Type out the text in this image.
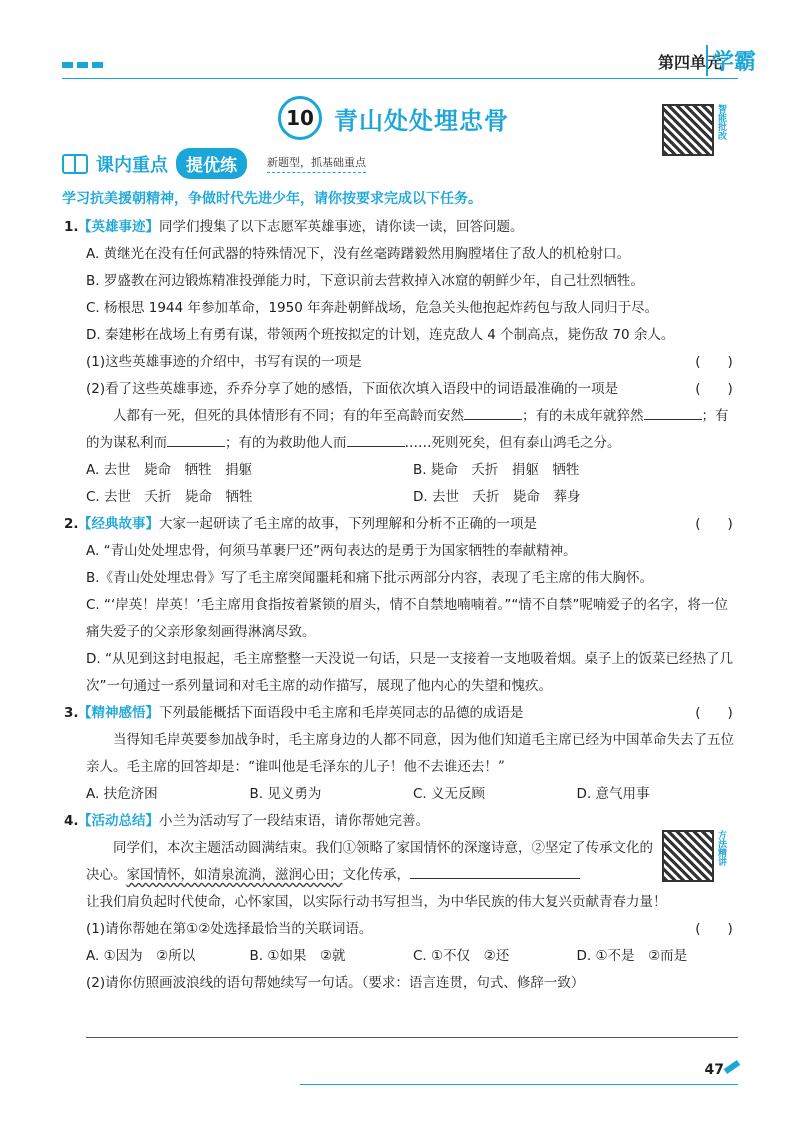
第四单元
学霸
10 青山处处埋忠骨	智能批改
课内重点	提优练	新题型，抓基础重点
学习抗美援朝精神，争做时代先进少年，请你按要求完成以下任务。
1. 【英雄事迹】 同学们搜集了以下志愿军英雄事迹，请你读一读，回答问题。
A. 黄继光在没有任何武器的特殊情况下，没有丝毫踌躇毅然用胸膛堵住了敌人的机枪射口。
B. 罗盛教在河边锻炼精准投弹能力时，下意识前去营救掉入冰窟的朝鲜少年，自己壮烈牺牲。
C. 杨根思 1944 年参加革命，1950 年奔赴朝鲜战场，危急关头他抱起炸药包与敌人同归于尽。
D. 秦建彬在战场上有勇有谋，带领两个班按拟定的计划，连克敌人 4 个制高点，毙伤敌 70 余人。
(1)这些英雄事迹的介绍中，书写有误的一项是	(　　)
(2)看了这些英雄事迹，乔乔分享了她的感悟，下面依次填入语段中的词语最准确的一项是	(　　)
人都有一死，但死的具体情形有不同；有的年至高龄而安然	；有的未成年就猝然	；有的为谋私利而	；有的为救助他人而	……死则死矣，但有泰山鸿毛之分。
A. 去世　毙命　牺牲　捐躯	B. 毙命　夭折　捐躯　牺牲
C. 去世　夭折　毙命　牺牲	D. 去世　夭折　毙命　葬身
2. 【经典故事】 大家一起研读了毛主席的故事，下列理解和分析不正确的一项是	(　　)
A. “青山处处埋忠骨，何须马革裹尸还”两句表达的是勇于为国家牺牲的奉献精神。
B.《青山处处埋忠骨》写了毛主席突闻噩耗和痛下批示两部分内容，表现了毛主席的伟大胸怀。
C. “‘岸英！岸英！’毛主席用食指按着紧锁的眉头，情不自禁地喃喃着。”“情不自禁”呢喃爱子的名字，将一位痛失爱子的父亲形象刻画得淋漓尽致。
D. “从见到这封电报起，毛主席整整一天没说一句话，只是一支接着一支地吸着烟。桌子上的饭菜已经热了几次”一句通过一系列量词和对毛主席的动作描写，展现了他内心的失望和愧疚。
3. 【精神感悟】 下列最能概括下面语段中毛主席和毛岸英同志的品德的成语是	(　　)
当得知毛岸英要参加战争时，毛主席身边的人都不同意，因为他们知道毛主席已经为中国革命失去了五位亲人。毛主席的回答却是：“谁叫他是毛泽东的儿子！他不去谁还去！”
A. 扶危济困	B. 见义勇为	C. 义无反顾	D. 意气用事
4. 【活动总结】 小兰为活动写了一段结束语，请你帮她完善。
同学们，本次主题活动圆满结束。我们①领略了家国情怀的深邃诗意，②坚定了传承文化的决心。家国情怀，如清泉流淌，滋润心田；文化传承，
让我们肩负起时代使命，心怀家国，以实际行动书写担当，为中华民族的伟大复兴贡献青春力量！
(1)请你帮她在第①②处选择最恰当的关联词语。	(　　)
A. ①因为　②所以	B. ①如果　②就	C. ①不仅　②还	D. ①不是　②而是
(2)请你仿照画波浪线的语句帮她续写一句话。（要求：语言连贯，句式、修辞一致）
方法精讲
47
